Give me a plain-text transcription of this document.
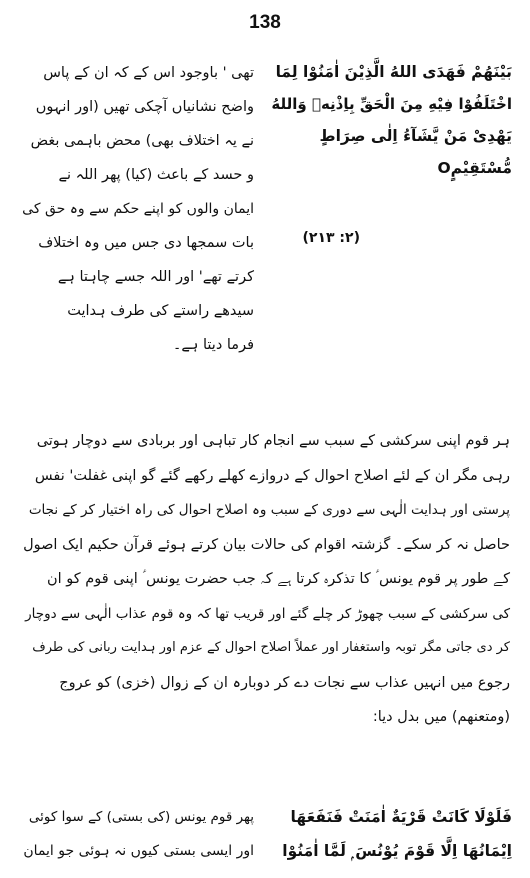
138
بَيْنَهُمْ فَهَدَى اللهُ الَّذِيْنَ اٰمَنُوْا لِمَا
اخْتَلَفُوْا فِيْهِ مِنَ الْحَقِّ بِاِذْنِهٖ وَاللهُ
يَهْدِىْ مَنْ يَّشَآءُ اِلٰى صِرَاطٍ
مُّسْتَقِيْمٍO
(٢: ٢١٣)
تھی ' باوجود اس کے کہ ان کے پاس
واضح نشانیاں آچکی تھیں (اور انہوں
نے یہ اختلاف بھی) محض باہمی بغض
و حسد کے باعث (کیا) پھر اللہ نے
ایمان والوں کو اپنے حکم سے وہ حق کی
بات سمجھا دی جس میں وہ اختلاف
کرتے تھے' اور اللہ جسے چاہتا ہے
سیدھے راستے کی طرف ہدایت
فرما دیتا ہے۔
ہر قوم اپنی سرکشی کے سبب سے انجام کار تباہی اور بربادی سے دوچار ہوتی
رہی مگر ان کے لئے اصلاح احوال کے دروازے کھلے رکھے گئے گو اپنی غفلت' نفس
پرستی اور ہدایت الٰہی سے دوری کے سبب وہ اصلاح احوال کی راہ اختیار کر کے نجات
حاصل نہ کر سکے۔ گزشتہ اقوام کی حالات بیان کرتے ہوئے قرآن حکیم ایک اصول
کے طور پر قوم یونس ؑ کا تذکرہ کرتا ہے کہ جب حضرت یونس ؑ اپنی قوم کو ان
کی سرکشی کے سبب چھوڑ کر چلے گئے اور قریب تھا کہ وہ قوم عذاب الٰہی سے دوچار
کر دی جاتی مگر توبہ واستغفار اور عملاً اصلاح احوال کے عزم اور ہدایت ربانی کی طرف
رجوع میں انہیں عذاب سے نجات دے کر دوبارہ ان کے زوال (خزی) کو عروج
(ومتعنهم) میں بدل دیا:
فَلَوْلَا كَانَتْ قَرْيَةٌ اٰمَنَتْ فَنَفَعَهَا
اِيْمَانُهَا اِلَّا قَوْمَ يُوْنُسَ ۭ لَمَّا اٰمَنُوْا
پھر قوم یونس (کی بستی) کے سوا کوئی
اور ایسی بستی کیوں نہ ہوئی جو ایمان
